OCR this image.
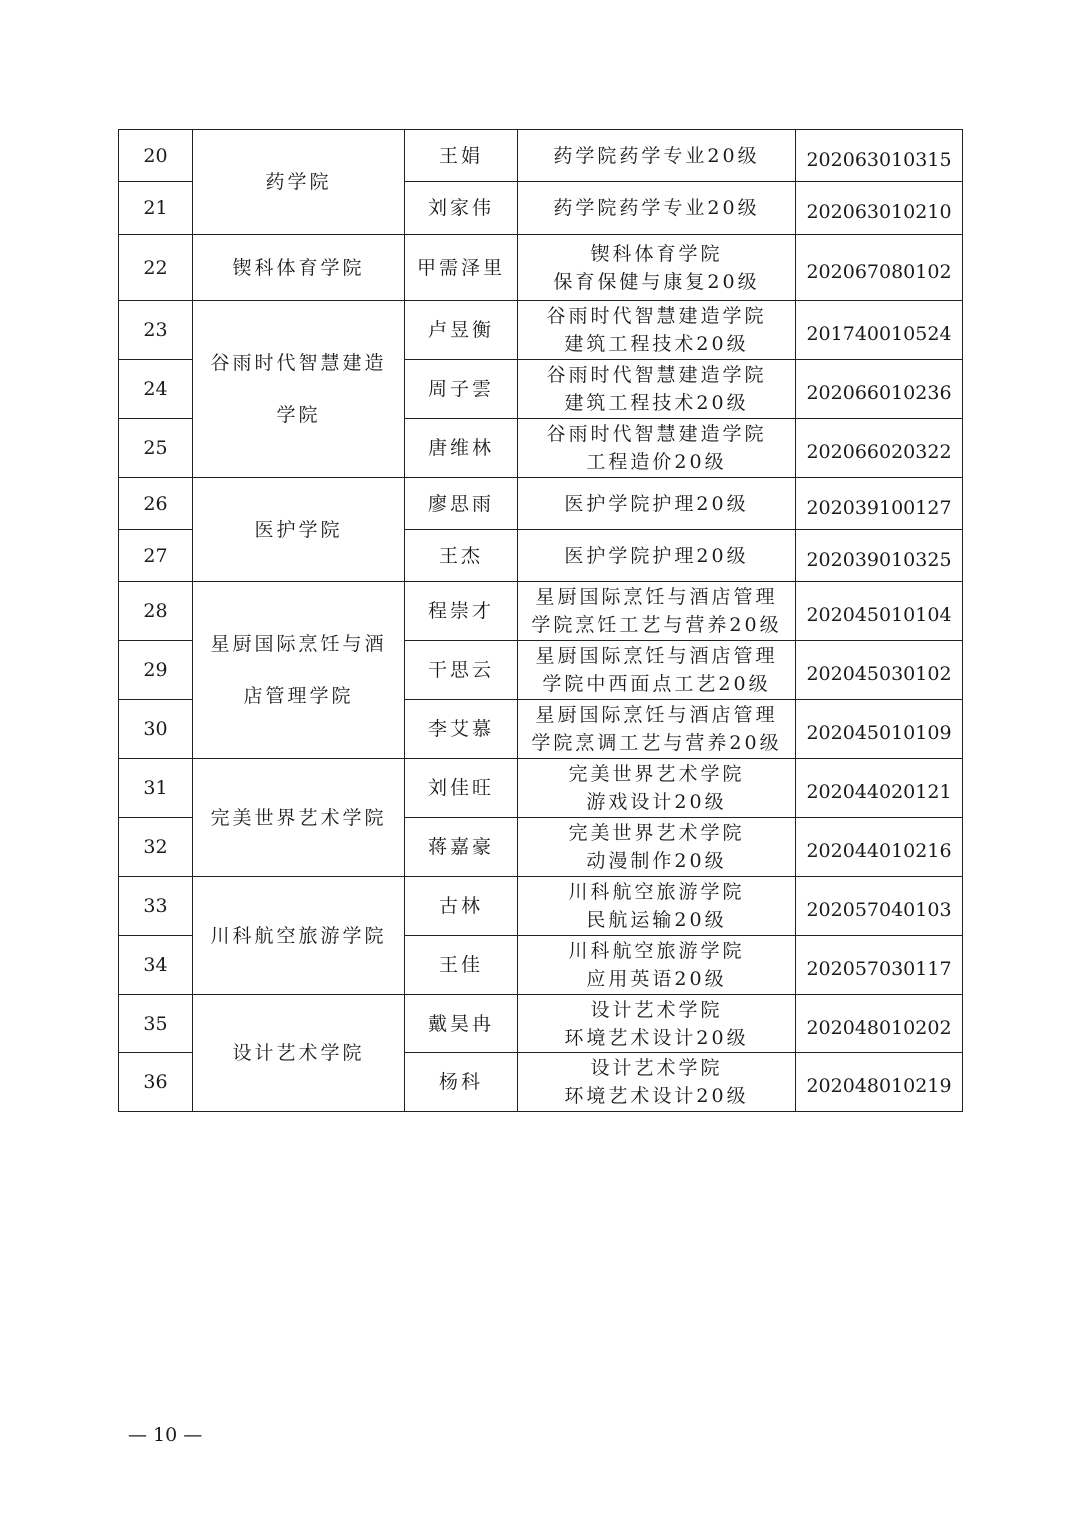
20	药学院	王娟	药学院药学专业20级	202063010315
21		刘家伟	药学院药学专业20级	202063010210
22	锲科体育学院	甲需泽里	锲科体育学院
保育保健与康复20级	202067080102
23	谷雨时代智慧建造
学院	卢昱衡	谷雨时代智慧建造学院
建筑工程技术20级	201740010524
24		周子雲	谷雨时代智慧建造学院
建筑工程技术20级	202066010236
25		唐维林	谷雨时代智慧建造学院
工程造价20级	202066020322
26	医护学院	廖思雨	医护学院护理20级	202039100127
27		王杰	医护学院护理20级	202039010325
28	星厨国际烹饪与酒
店管理学院	程崇才	星厨国际烹饪与酒店管理
学院烹饪工艺与营养20级	202045010104
29		干思云	星厨国际烹饪与酒店管理
学院中西面点工艺20级	202045030102
30		李艾慕	星厨国际烹饪与酒店管理
学院烹调工艺与营养20级	202045010109
31	完美世界艺术学院	刘佳旺	完美世界艺术学院
游戏设计20级	202044020121
32		蒋嘉豪	完美世界艺术学院
动漫制作20级	202044010216
33	川科航空旅游学院	古林	川科航空旅游学院
民航运输20级	202057040103
34		王佳	川科航空旅游学院
应用英语20级	202057030117
35	设计艺术学院	戴昊冉	设计艺术学院
环境艺术设计20级	202048010202
36		杨科	设计艺术学院
环境艺术设计20级	202048010219
— 10 —
